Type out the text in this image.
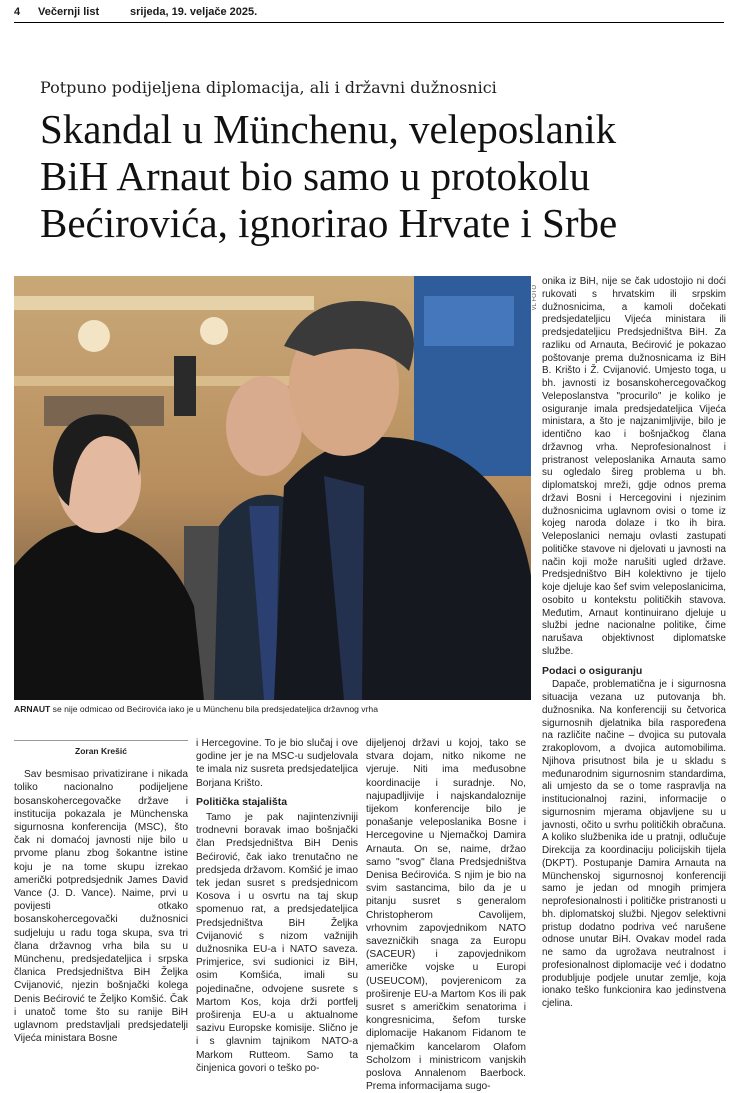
4 Večernji list	srijeda, 19. veljače 2025.
Potpuno podijeljena diplomacija, ali i državni dužnosnici
Skandal u Münchenu, veleposlanik
BiH Arnaut bio samo u protokolu
Bećirovića, ignorirao Hrvate i Srbe
VL FOTO
ARNAUT se nije odmicao od Bećirovića iako je u Münchenu bila predsjedateljica državnog vrha
Zoran Krešić

Sav besmisao privatizirane i nikada toliko nacionalno podijeljene bosanskohercegovačke države i institucija pokazala je Münchenska sigurnosna konferencija (MSC), što čak ni domaćoj javnosti nije bilo u prvome planu zbog šokantne istine koju je na tome skupu izrekao američki potpredsjednik James David Vance (J. D. Vance). Naime, prvi u povijesti otkako bosanskohercegovački dužnosnici sudjeluju u radu toga skupa, sva tri člana državnog vrha bila su u Münchenu, predsjedateljica i srpska članica Predsjedništva BiH Željka Cvijanović, njezin bošnjački kolega Denis Bećirović te Željko Komšić. Čak i unatoč tome što su ranije BiH uglavnom predstavljali predsjedatelji Vijeća ministara Bosne

i Hercegovine. To je bio slučaj i ove godine jer je na MSC-u sudjelovala te imala niz susreta predsjedateljica Borjana Krišto.

Politička stajališta

Tamo je pak najintenzivniji trodnevni boravak imao bošnjački član Predsjedništva BiH Denis Bećirović, čak iako trenutačno ne predsjeda državom. Komšić je imao tek jedan susret s predsjednicom Kosova i u osvrtu na taj skup spomenuo rat, a predsjedateljica Predsjedništva BiH Željka Cvijanović s nizom važnijih dužnosnika EU-a i NATO saveza. Primjerice, svi sudionici iz BiH, osim Komšića, imali su pojedinačne, odvojene susrete s Martom Kos, koja drži portfelj proširenja EU-a u aktualnome sazivu Europske komisije. Slično je i s glavnim tajnikom NATO-a Markom Rutteom. Samo ta činjenica govori o teško po-

dijeljenoj državi u kojoj, tako se stvara dojam, nitko nikome ne vjeruje. Niti ima međusobne koordinacije i suradnje. No, najupadljivije i najskandaloznije tijekom konferencije bilo je ponašanje veleposlanika Bosne i Hercegovine u Njemačkoj Damira Arnauta. On se, naime, držao samo "svog" člana Predsjedništva Denisa Bećirovića. S njim je bio na svim sastancima, bilo da je u pitanju susret s generalom Christopherom Cavolijem, vrhovnim zapovjednikom NATO savezničkih snaga za Europu (SACEUR) i zapovjednikom američke vojske u Europi (USEUCOM), povjerenicom za proširenje EU-a Martom Kos ili pak susret s američkim senatorima i kongresnicima, šefom turske diplomacije Hakanom Fidanom te njemačkim kancelarom Olafom Scholzom i ministricom vanjskih poslova Annalenom Baerbock. Prema informacijama sugo-

onika iz BiH, nije se čak udostojio ni doći rukovati s hrvatskim ili srpskim dužnosnicima, a kamoli dočekati predsjedateljicu Vijeća ministara ili predsjedateljicu Predsjedništva BiH. Za razliku od Arnauta, Bećirović je pokazao poštovanje prema dužnosnicama iz BiH B. Krišto i Ž. Cvijanović. Umjesto toga, u bh. javnosti iz bosanskohercegovačkog Veleposlanstva "procurilo" je koliko je osiguranje imala predsjedateljica Vijeća ministara, a što je najzanimljivije, bilo je identično kao i bošnjačkog člana državnog vrha. Neprofesionalnost i pristranost veleposlanika Arnauta samo su ogledalo šireg problema u bh. diplomatskoj mreži, gdje odnos prema državi Bosni i Hercegovini i njezinim dužnosnicima uglavnom ovisi o tome iz kojeg naroda dolaze i tko ih bira. Veleposlanici nemaju ovlasti zastupati političke stavove ni djelovati u javnosti na način koji može narušiti ugled države. Predsjedništvo BiH kolektivno je tijelo koje djeluje kao šef svim veleposlanicima, osobito u kontekstu političkih stavova. Međutim, Arnaut kontinuirano djeluje u službi jedne nacionalne politike, čime narušava objektivnost diplomatske službe.

Podaci o osiguranju

Dapače, problematična je i sigurnosna situacija vezana uz putovanja bh. dužnosnika. Na konferenciji su četvorica sigurnosnih djelatnika bila raspoređena na različite načine – dvojica su putovala zrakoplovom, a dvojica automobilima. Njihova prisutnost bila je u skladu s međunarodnim sigurnosnim standardima, ali umjesto da se o tome raspravlja na institucionalnoj razini, informacije o sigurnosnim mjerama objavljene su u javnosti, očito u svrhu političkih obračuna. A koliko službenika ide u pratnji, odlučuje Direkcija za koordinaciju policijskih tijela (DKPT). Postupanje Damira Arnauta na Münchenskoj sigurnosnoj konferenciji samo je jedan od mnogih primjera neprofesionalnosti i političke pristranosti u bh. diplomatskoj službi. Njegov selektivni pristup dodatno podriva već narušene odnose unutar BiH. Ovakav model rada ne samo da ugrožava neutralnost i profesionalnost diplomacije već i dodatno produbljuje podjele unutar zemlje, koja ionako teško funkcionira kao jedinstvena cjelina.
